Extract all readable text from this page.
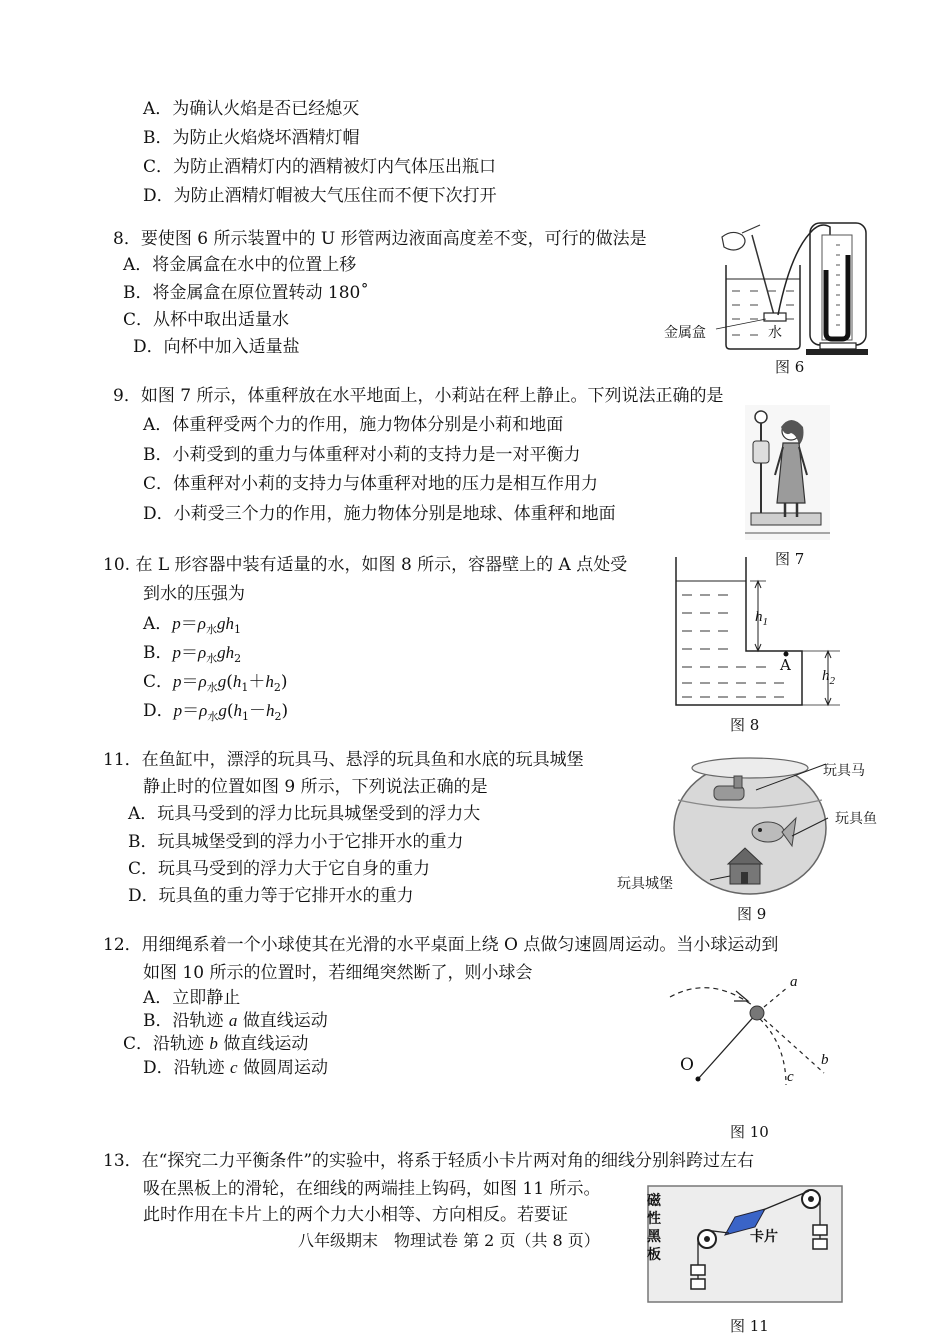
A．为确认火焰是否已经熄灭
B．为防止火焰烧坏酒精灯帽
C．为防止酒精灯内的酒精被灯内气体压出瓶口
D．为防止酒精灯帽被大气压住而不便下次打开
8．要使图 6 所示装置中的 U 形管两边液面高度差不变，可行的做法是
A．将金属盒在水中的位置上移
B．将金属盒在原位置转动 180˚
C．从杯中取出适量水
D．向杯中加入适量盐
金属盒	水
图 6
9．如图 7 所示，体重秤放在水平地面上，小莉站在秤上静止。下列说法正确的是
A．体重秤受两个力的作用，施力物体分别是小莉和地面
B．小莉受到的重力与体重秤对小莉的支持力是一对平衡力
C．体重秤对小莉的支持力与体重秤对地的压力是相互作用力
D．小莉受三个力的作用，施力物体分别是地球、体重秤和地面
图 7
10. 在 L 形容器中装有适量的水，如图 8 所示，容器壁上的 A 点处受
到水的压强为
A．$p=\rho_水gh_1$
B．$p=\rho_水gh_2$
C．$p=\rho_水g(h_1+h_2)$
D．$p=\rho_水g(h_1-h_2)$
$h_1$
$h_2$
A
图 8
11．在鱼缸中，漂浮的玩具马、悬浮的玩具鱼和水底的玩具城堡
静止时的位置如图 9 所示，下列说法正确的是
A．玩具马受到的浮力比玩具城堡受到的浮力大
B．玩具城堡受到的浮力小于它排开水的重力
C．玩具马受到的浮力大于它自身的重力
D．玩具鱼的重力等于它排开水的重力
玩具马
玩具鱼
玩具城堡
图 9
12．用细绳系着一个小球使其在光滑的水平桌面上绕 O 点做匀速圆周运动。当小球运动到
如图 10 所示的位置时，若细绳突然断了，则小球会
A．立即静止
B．沿轨迹 a 做直线运动
C．沿轨迹 b 做直线运动
D．沿轨迹 c 做圆周运动
a
b
c
O
图 10
13．在“探究二力平衡条件”的实验中，将系于轻质小卡片两对角的细线分别斜跨过左右
吸在黑板上的滑轮，在细线的两端挂上钩码，如图 11 所示。
此时作用在卡片上的两个力大小相等、方向相反。若要证
磁
性
黑
板
卡片
图 11
八年级期末　物理试卷 第 2 页（共 8 页）
